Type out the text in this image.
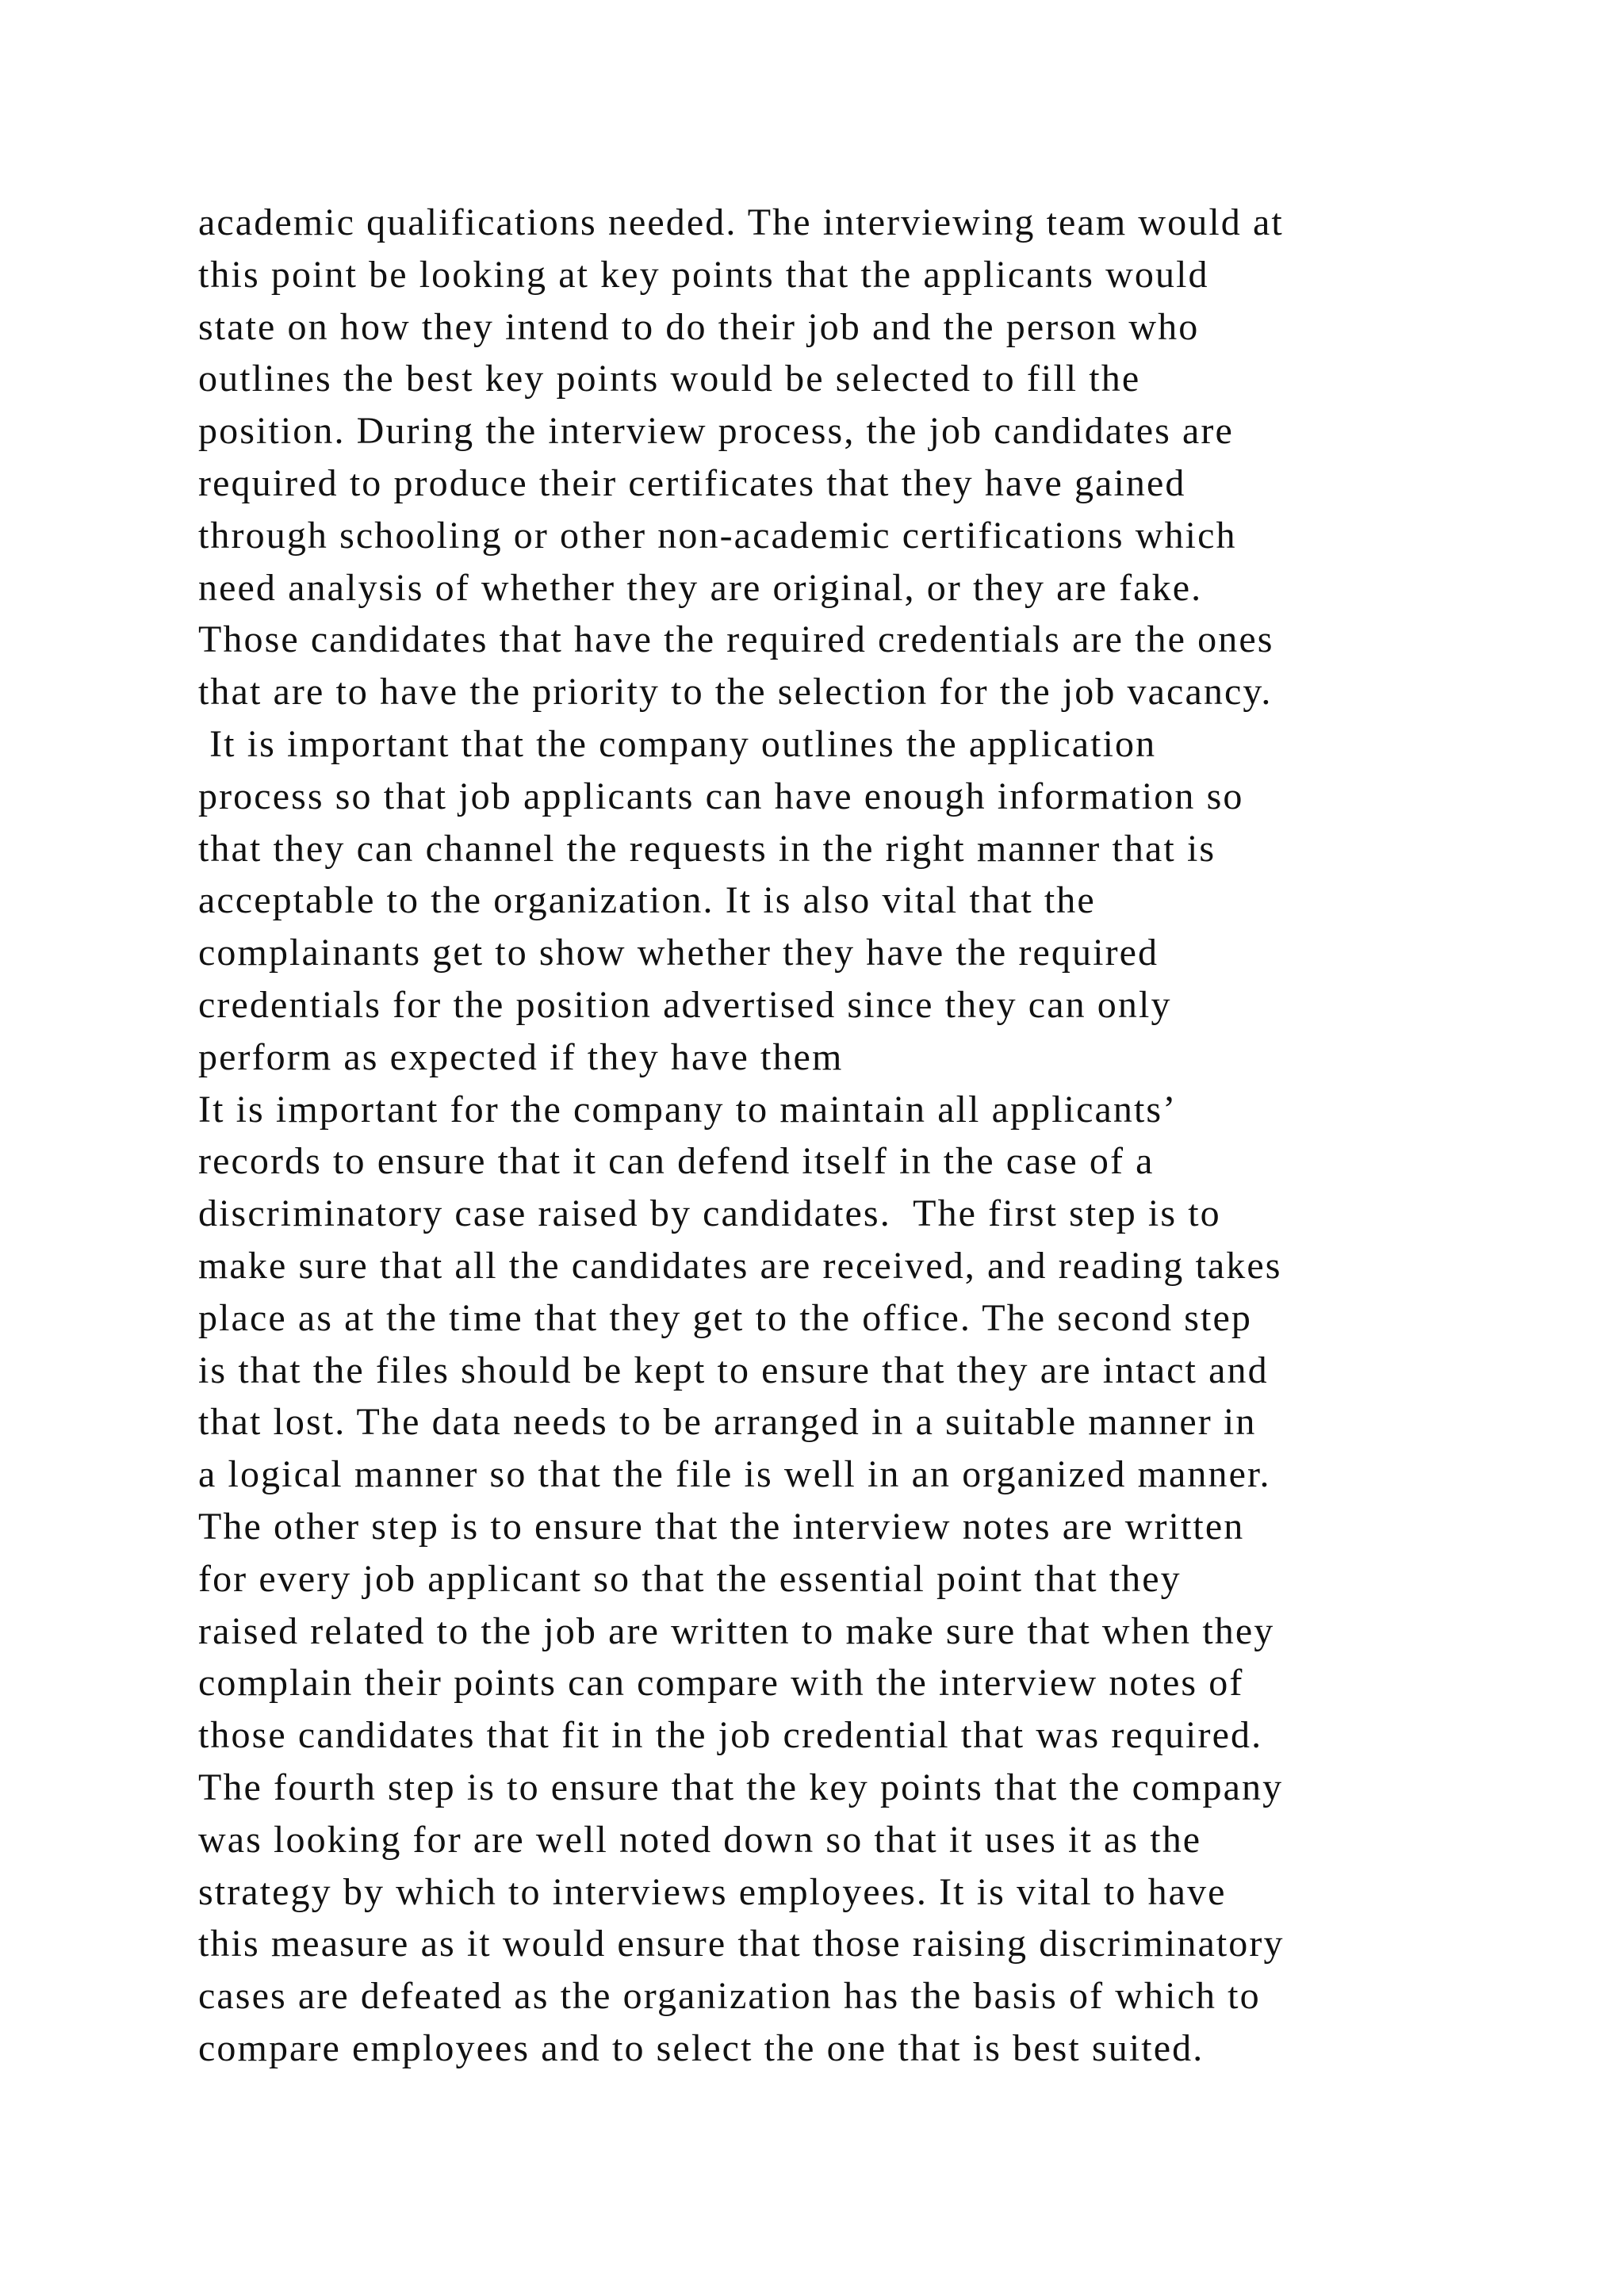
academic qualifications needed. The interviewing team would at
this point be looking at key points that the applicants would
state on how they intend to do their job and the person who
outlines the best key points would be selected to fill the
position. During the interview process, the job candidates are
required to produce their certificates that they have gained
through schooling or other non-academic certifications which
need analysis of whether they are original, or they are fake.
Those candidates that have the required credentials are the ones
that are to have the priority to the selection for the job vacancy.
It is important that the company outlines the application
process so that job applicants can have enough information so
that they can channel the requests in the right manner that is
acceptable to the organization. It is also vital that the
complainants get to show whether they have the required
credentials for the position advertised since they can only
perform as expected if they have them
It is important for the company to maintain all applicants’
records to ensure that it can defend itself in the case of a
discriminatory case raised by candidates.  The first step is to
make sure that all the candidates are received, and reading takes
place as at the time that they get to the office. The second step
is that the files should be kept to ensure that they are intact and
that lost. The data needs to be arranged in a suitable manner in
a logical manner so that the file is well in an organized manner.
The other step is to ensure that the interview notes are written
for every job applicant so that the essential point that they
raised related to the job are written to make sure that when they
complain their points can compare with the interview notes of
those candidates that fit in the job credential that was required.
The fourth step is to ensure that the key points that the company
was looking for are well noted down so that it uses it as the
strategy by which to interviews employees. It is vital to have
this measure as it would ensure that those raising discriminatory
cases are defeated as the organization has the basis of which to
compare employees and to select the one that is best suited.
